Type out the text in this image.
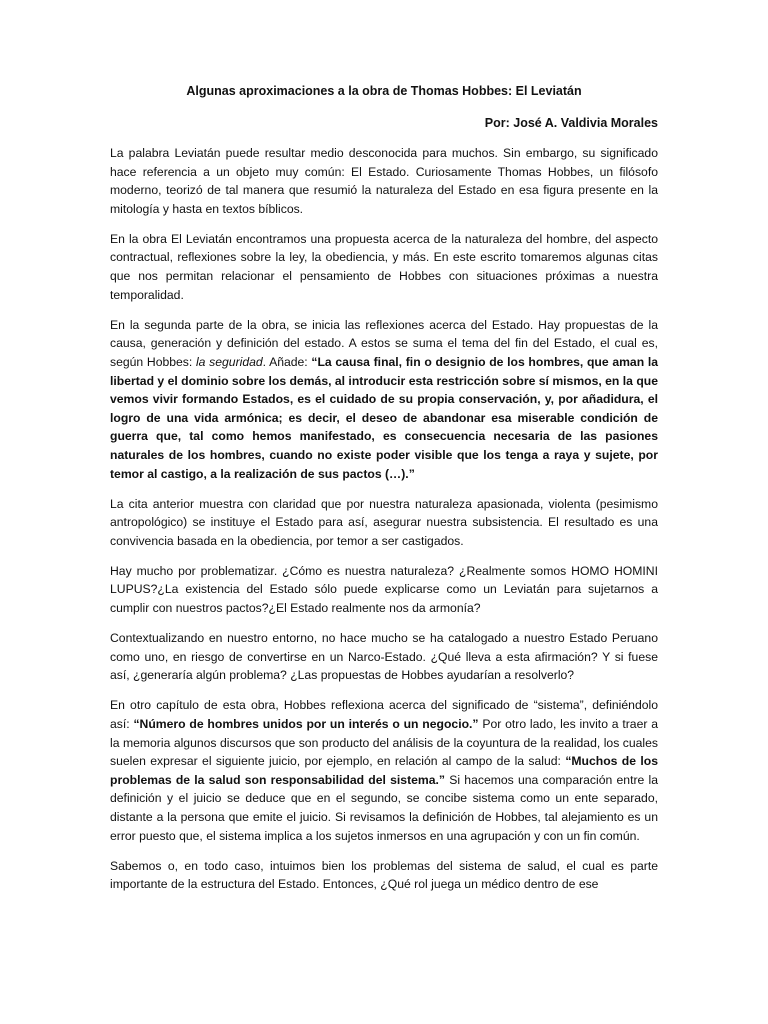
Algunas aproximaciones a la obra de Thomas Hobbes: El Leviatán

Por: José A. Valdivia Morales

La palabra Leviatán puede resultar medio desconocida para muchos. Sin embargo, su significado hace referencia a un objeto muy común: El Estado. Curiosamente Thomas Hobbes, un filósofo moderno, teorizó de tal manera que resumió la naturaleza del Estado en esa figura presente en la mitología y hasta en textos bíblicos.

En la obra El Leviatán encontramos una propuesta acerca de la naturaleza del hombre, del aspecto contractual, reflexiones sobre la ley, la obediencia, y más. En este escrito tomaremos algunas citas que nos permitan relacionar el pensamiento de Hobbes con situaciones próximas a nuestra temporalidad.

En la segunda parte de la obra, se inicia las reflexiones acerca del Estado. Hay propuestas de la causa, generación y definición del estado. A estos se suma el tema del fin del Estado, el cual es, según Hobbes: la seguridad. Añade: “La causa final, fin o designio de los hombres, que aman la libertad y el dominio sobre los demás, al introducir esta restricción sobre sí mismos, en la que vemos vivir formando Estados, es el cuidado de su propia conservación, y, por añadidura, el logro de una vida armónica; es decir, el deseo de abandonar esa miserable condición de guerra que, tal como hemos manifestado, es consecuencia necesaria de las pasiones naturales de los hombres, cuando no existe poder visible que los tenga a raya y sujete, por temor al castigo, a la realización de sus pactos (…).”

La cita anterior muestra con claridad que por nuestra naturaleza apasionada, violenta (pesimismo antropológico) se instituye el Estado para así, asegurar nuestra subsistencia. El resultado es una convivencia basada en la obediencia, por temor a ser castigados.

Hay mucho por problematizar. ¿Cómo es nuestra naturaleza? ¿Realmente somos HOMO HOMINI LUPUS?¿La existencia del Estado sólo puede explicarse como un Leviatán para sujetarnos a cumplir con nuestros pactos?¿El Estado realmente nos da armonía?

Contextualizando en nuestro entorno, no hace mucho se ha catalogado a nuestro Estado Peruano como uno, en riesgo de convertirse en un Narco-Estado. ¿Qué lleva a esta afirmación? Y si fuese así, ¿generaría algún problema? ¿Las propuestas de Hobbes ayudarían a resolverlo?

En otro capítulo de esta obra, Hobbes reflexiona acerca del significado de “sistema”, definiéndolo así: “Número de hombres unidos por un interés o un negocio.” Por otro lado, les invito a traer a la memoria algunos discursos que son producto del análisis de la coyuntura de la realidad, los cuales suelen expresar el siguiente juicio, por ejemplo, en relación al campo de la salud: “Muchos de los problemas de la salud son responsabilidad del sistema.” Si hacemos una comparación entre la definición y el juicio se deduce que en el segundo, se concibe sistema como un ente separado, distante a la persona que emite el juicio. Si revisamos la definición de Hobbes, tal alejamiento es un error puesto que, el sistema implica a los sujetos inmersos en una agrupación y con un fin común.

Sabemos o, en todo caso, intuimos bien los problemas del sistema de salud, el cual es parte importante de la estructura del Estado. Entonces, ¿Qué rol juega un médico dentro de ese
